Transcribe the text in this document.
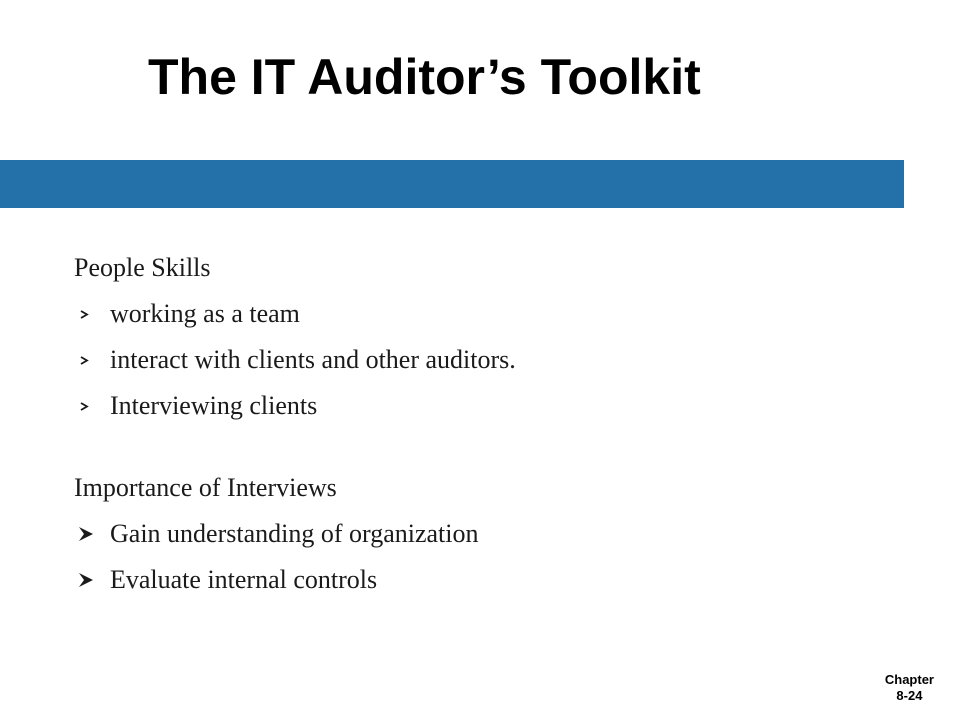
The IT Auditor’s Toolkit
People Skills
working as a team
interact with clients and other auditors.
Interviewing clients
Importance of Interviews
Gain understanding of organization
Evaluate internal controls
Chapter
8-24
